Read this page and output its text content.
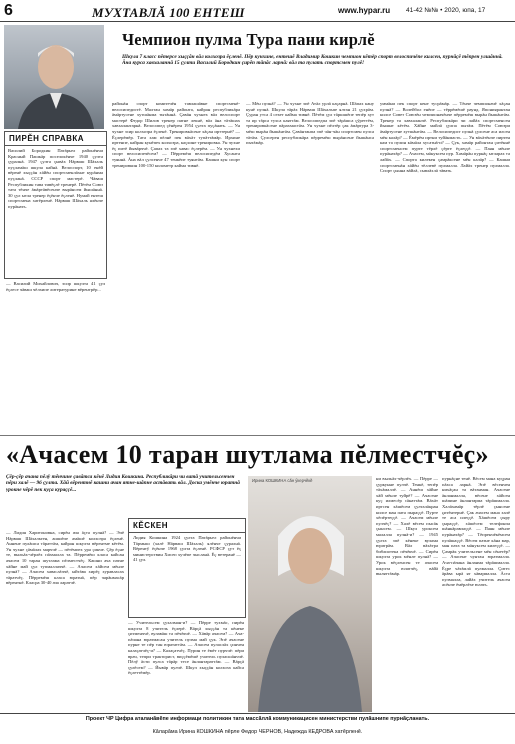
6	МУХТАВЛĂ 100 ЕНТЕШ	www.hypar.ru 41-42 №№ • 2020, юпа, 17
Чемпион пулма Тура пани кирлĕ
Шкула 7 класс пĕтерсе хыççăн вăл колхозра ĕçленĕ. Пĕр кунхине, ентешĕ Владимир Кошкин чемпион кĕтěр спорт велоспичěпе килсен, пурнăçĕ тĕпрен улшăннă. Ăна курса хавхаланнă 15 çулти Василий Бородкин çирĕп тăпăс ларнă: вăл та пулать спортсмен пулĕ!
ПИРĔН СПРАВКА
Василий Бородкин Патăрьел районĕнчи Красный Пашкăр поселокĕнче 1940 çулта çуралнă. 1947 çулта çывăх Нăрваш Шăхаль пуçламăш шкула кайнă. Велоспорт, 10 енĕй вĕренĕ хыççăн хăйĕн спортсменлăхне курăнма пуçланă. СССР спорт мастерĕ. Чăваш Республикин тава тивĕçлĕ тренерĕ. Пĕтĕм Союз тата тĕнче ăмăртăвĕсенче вырăнсем йышăннă. 30 çул ытла тренер ĕçĕнче ĕçленĕ. Нумай ентеш спортсмена хатĕрленĕ. Нăрваш Шăхаль ялĕнче пурăнать.
— Василий Михайлович, эсир шкулта 41 çул ĕçлесе чăваш чĕлхипе литературине вĕрентрĕр...
районăн спорт комитечĕн тавлашăвне спортсменĕ-велосипедистĕ. Малтан хамăр районта, кайран республикăра ăмăртусене хутшăнма тытăннă. Çавăн чухнех вăл велоспорт мастерĕ Федор Шилов тренер патне лекнĕ, вăл ăна тăтăшах хавхалантарнă. Велосипед çĕнĕрен 1954 çулта пуçăнать. — Ун чухне эсир колхозра ĕçленĕ. Тренировкăсене хăçан ирттернĕ? — Ĕçлерĕмĕр. Тата хам пĕлнĕ пек вăхăт тупăттăмăр. Ирхине иртенпе, кайран кунĕпех колхозра, каçхине тренировка. Ун чухне ĕç питĕ йывăрччĕ. Çапах та эпĕ хавас ĕçлерĕм. — Ун чухнехи спорт велосипечĕсем? — Пĕрремĕш велосипедĕм Хусанта туяннă. Ăна вăл çулсенче 47 тенкĕпе туянтăм. Кашни кун спорт тренировкин 100-150 километр кайма тивнĕ.
— Мĕн пулнă? — Ун чухне эпĕ Атăл урлă каçарнă. Шăпах кану кунĕ пулнă. Шкула тăрăх Нăрваш Шăхальпе ялтан 21 çухрăм. Çуран утса 4 сехет кайма тивнĕ. Пĕтĕм çул тăршшĕпе тепĕр хут та ир тăрса тухса каяттăм. Велосипедпа эпĕ тăрăшса çӳреттĕм, тренировкăсене пăрахмастăм. Ун чухне пĕлтĕр çак ăмăртура 3-мĕш вырăн йышăнтăм. Çавăнтанпа эпĕ чăн-чăн спортсмен пулса тăтăм. Çулсерен республикăра пĕрремĕш вырăнсене йышăнса пытăмăр.
уммăни пек спорт кене тусрăмăр. — Тĕнче чемпионачĕ хăçан пулнă? — Волейбол енĕпе — тĕррĕмĕшĕ раунд. Япониярантан килсе Совет Союзĕн чемпионачĕнче пĕрремĕш вырăн йышăнтăм. Тренер та хавхаланчĕ. Республикăри чи лайăх спортсменсен йышне кĕтĕм. Хăйне майлă çулпа пытăм. Пĕтĕм Союзри ăмăртусене хутшăнтăм. — Велосипедист пулнă çулсене аса илсен мĕн калăр? — Ĕмĕрĕм иртни туйăнмасть. — Ун вăхăтĕнче пиртен кам та пулин кăмăла хусатнă-и? — Çук, хамăр районтан çитĕннĕ спортсменсем пурте тĕрлĕ çĕрте ĕçлеççĕ. — Паян мĕнле пурăнатăр? — Ачасем, мăнуксем пур. Хамăрăн пурнăç ытларах та лайăх. — Спорта килекен çамрăксене мĕн калăр? — Кашни спортсменăн хăйĕн тĕллевĕ пулмалла. Лайăх тренер пулмалла. Спорт çынна вăйлă, сывлăхлă тăвать.
«Ачасем 10 таран шутлама пĕлместчĕç»
Çĕр-çĕр ачана пĕлÿ тĕнчине çавăтса кĕнĕ Лидия Кошкина. Республикăри чи ватă учительсенчен пĕри халĕ — 96 çулта. Хăй вĕрентнĕ кашни ачан ятне-шăпне астăвать вăл. Доска умĕнче юратнă урокне чĕрĕ пек куçа кураççĕ...
Ирина КОШКИНА сăн ӳкерчĕкĕ
КĔСКЕН
Лидия Кошкина 1924 çулта Патăрьел районĕнчи Тăрмыш (халĕ Нăрваш Шăхаль) ялĕнче çуралнă. Вĕрентӳ ĕçĕнче 1968 çулта ĕçленĕ. РСФСР çут ĕç министерствин Хисеп хучĕпе чысланă. Ĕç ветеранĕ — 41 çул.
— Лидия Харитоновна, сирĕн ача ăçта пулнă? — Эпĕ Нăрваш Шăхальтен, ашшĕпе амăшĕ колхозра ĕçленĕ. Аннене пулăшса тăраттăм, кайран шкулта вĕрентме кĕтĕм. Ун чухне çăмăлах марччĕ — пĕтĕмпех ура çинче. Çĕр ĕçне те, выльăх-чĕрлĕх пăхмалла та. Пĕрремĕш класа кайсан ачасем 10 таран шутлама пĕлместчĕç. Кашни ача патне хăйне май çул тупмаллаччĕ. — Ачасем хăйсем мĕнле пулнă? — Ачасем хаваслăччĕ, ыйтăва хирĕç хуравласах тăратчĕç. Пĕрремĕш класа юратнă, пĕр чарăнмасăр вĕрентнĕ. Класра 30-40 ача ларатчĕ.
— Учительсем çухалман-и? — Пĕрре тухмăс, пирĕн шкулта 8 учитель ĕçлерĕ. Вăрçă хыççăн та кĕнеке çитменччĕ, вулавăш та пĕчĕкчĕ. — Хăвăр ачасем? — Ача-пăчана юратмасан учитель пулма май çук. Эпĕ ачасене пурне те пĕр тан юрататтăм. — Ачасем пуласлăх çинчен калаçатчĕç-и? — Калаçатчĕç. Пурин те ĕмĕт пурччĕ: пĕри врач, тепри тракторист, виççĕмĕшĕ учитель пуласшăнччĕ. Пĕлӳ ăсти пулса тăрăр тесе ăнлантараттăм. — Вăрçă çулĕсем? — Йывăр пулчĕ. Шкул хыççăн колхоза кайса ĕçлеттĕмĕр.
ни выльăх-чĕрлĕх. — Пĕрре — çуркунне пулчĕ. Тенкĕ, тепĕр тăхăмаллĕ. — Аннĕш хăйне хăй мĕнле туйрĕ? — Ачасене куç илмесĕр сăнаттăм. Вăхăт иртсен хăшĕсем çулталăкран килсе ман пата пыраççĕ. Пурте хĕпĕртеççĕ. — Ачасем мĕнле пулчĕç? — Халĕ вĕсем пысăк çынсем. — Шкул уроксем малалла пулнă-и? — 1945 çулта эпĕ кĕнеке вулама юратрăм. Вăл вăхăтра библиотека пĕчĕкчĕ. — Сирĕн шкулта урок мĕнле пулнă? — Урок вĕçленсен те ачасем шкулта юлатчĕç, вăйă выляттăмăр.
пурнăçне тенĕ. Вĕсем мана куçран пăхса ларнă. Эпĕ вĕсенчен нихăçан та вăтанман. Ачасене ăнланмалла, вĕсене хăйсен шăпине ăнлантарма тăрăшмалла. Халăхамăр тĕрлĕ çынсене ҫитĕнтернĕ. Çак ачасем мана халĕ те аса илеççĕ. Хăшĕсем çыру çыраççĕ, хăшĕсем телефонпа шăнкăравлаççĕ. — Паян мĕнле пурăнатăр? — Тĕпренчĕкĕмсем пулăшаççĕ. Вĕсем патне кăна мар, ман пата та мăнуксем килеççĕ. — Çамрăк учительсене мĕн сĕнетĕр? — Ачасене чунтан юратмалла. Ача-пăчана ăнланма тăрăшмалла. Ĕçре чăтăмлă пулмалла. Çитес ăрăва ырă ят хăвармалла. Ăста пулмалла, лайăх учитель ачасен асĕнче ĕмĕрлĕхе юлать.
Проект ЧР Цифра аталанăвĕпе информаци политикин тата массăллă коммуникацисен министерстви пулăшнипе пурнăçланать.
Кăларăма Ирина КОШКИНА пĕрле Федор ЧЕРНОВ, Надежда КЕДРОВА хатĕрленĕ.
